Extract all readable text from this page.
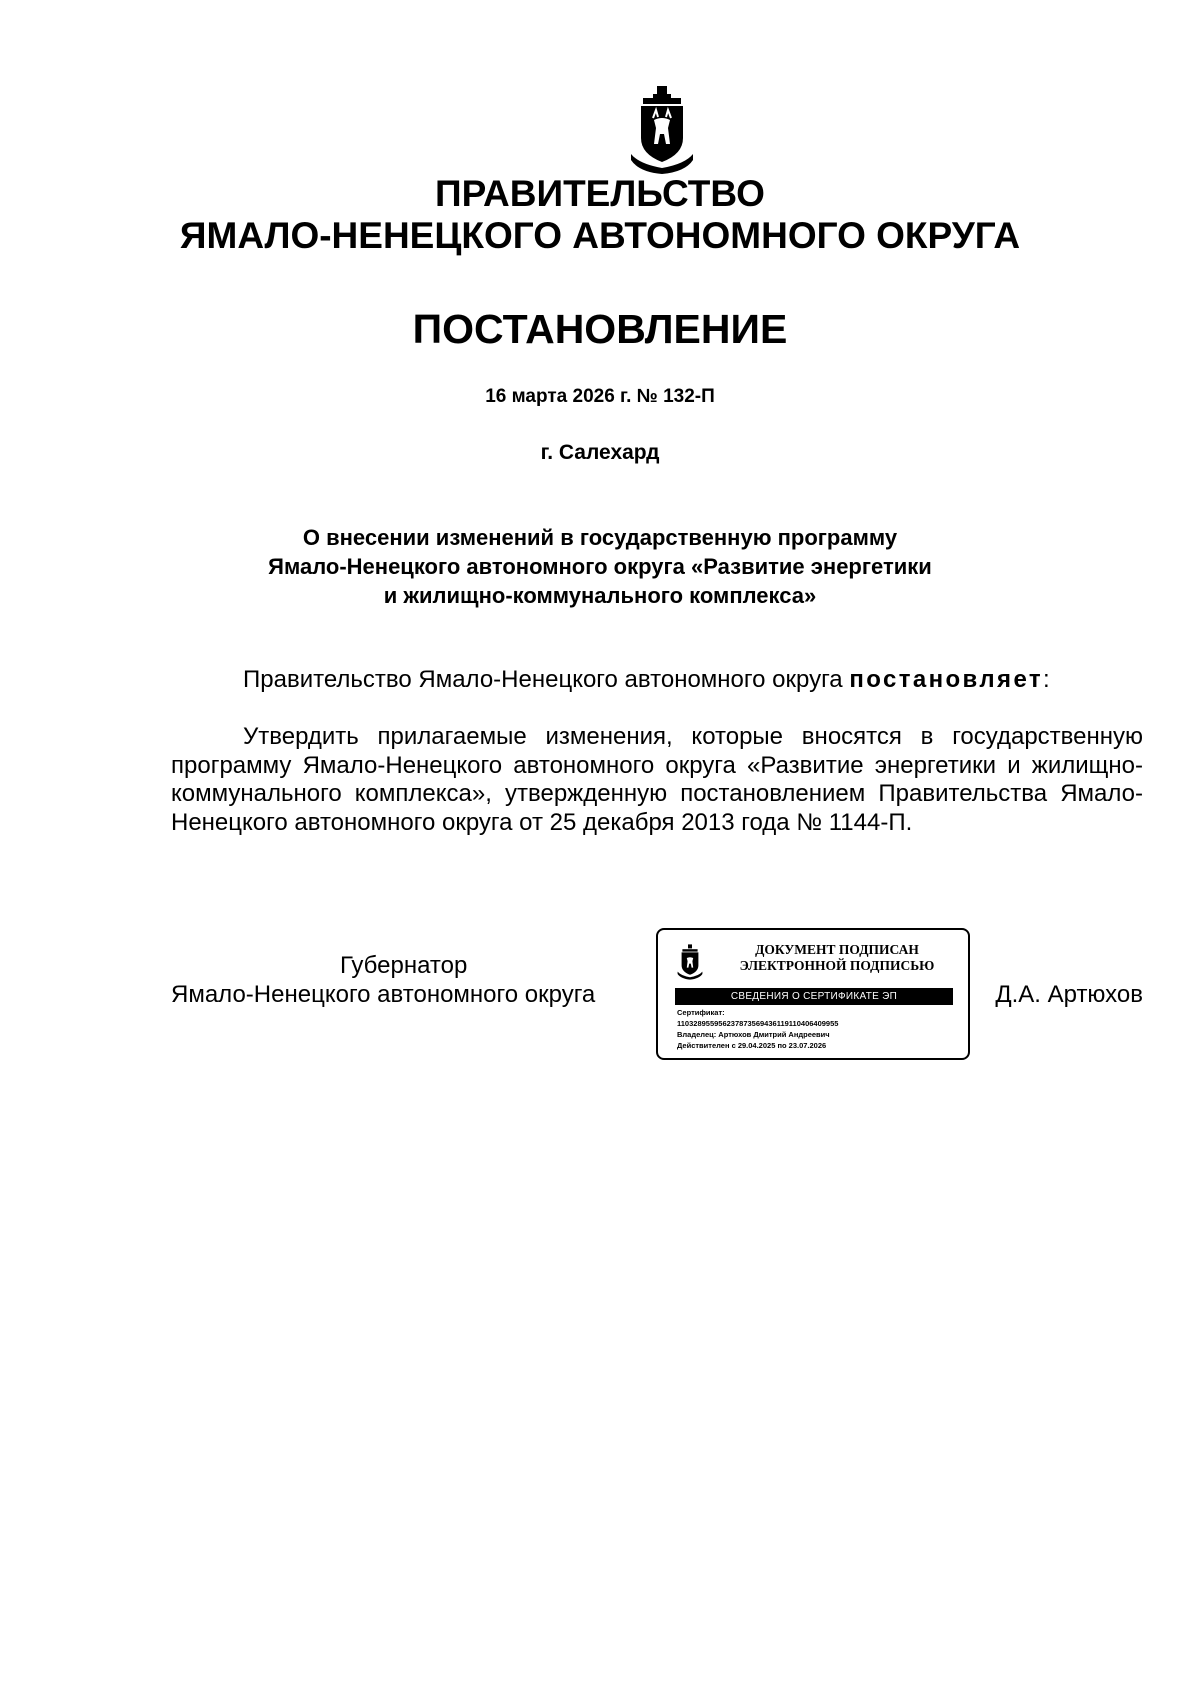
ПРАВИТЕЛЬСТВО
ЯМАЛО-НЕНЕЦКОГО АВТОНОМНОГО ОКРУГА
ПОСТАНОВЛЕНИЕ
16 марта 2026 г. № 132-П
г. Салехард
О внесении изменений в государственную программу
Ямало-Ненецкого автономного округа «Развитие энергетики
и жилищно-коммунального комплекса»
Правительство Ямало-Ненецкого автономного округа постановляет:
Утвердить прилагаемые изменения, которые вносятся в государственную программу Ямало-Ненецкого автономного округа «Развитие энергетики и жилищно-коммунального комплекса», утвержденную постановлением Правительства Ямало-Ненецкого автономного округа от 25 декабря 2013 года № 1144-П.
Губернатор
Ямало-Ненецкого автономного округа	Д.А. Артюхов
ДОКУМЕНТ ПОДПИСАН
ЭЛЕКТРОННОЙ ПОДПИСЬЮ
СВЕДЕНИЯ О СЕРТИФИКАТЕ ЭП
Сертификат:
110328955956237873569436119110406409955
Владелец: Артюхов Дмитрий Андреевич
Действителен с 29.04.2025 по 23.07.2026
